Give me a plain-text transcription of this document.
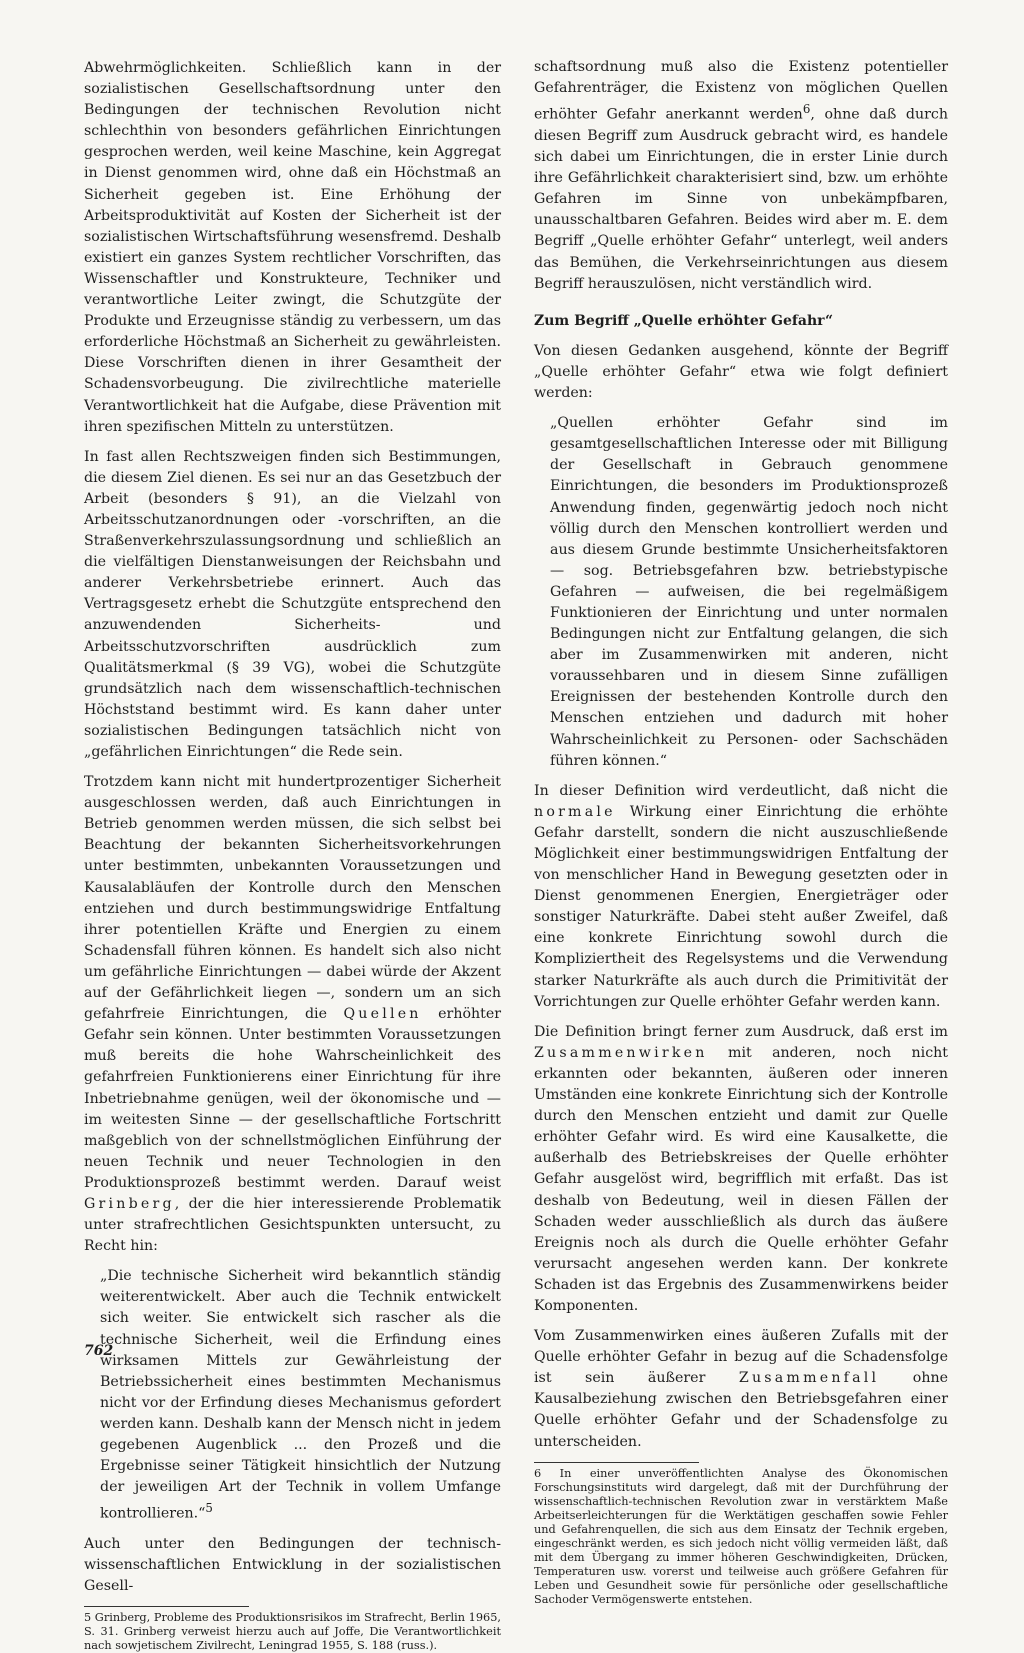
Abwehrmöglichkeiten. Schließlich kann in der sozialistischen Gesellschaftsordnung unter den Bedingungen der technischen Revolution nicht schlechthin von besonders gefährlichen Einrichtungen gesprochen werden, weil keine Maschine, kein Aggregat in Dienst genommen wird, ohne daß ein Höchstmaß an Sicherheit gegeben ist. Eine Erhöhung der Arbeitsproduktivität auf Kosten der Sicherheit ist der sozialistischen Wirtschaftsführung wesensfremd. Deshalb existiert ein ganzes System rechtlicher Vorschriften, das Wissenschaftler und Konstrukteure, Techniker und verantwortliche Leiter zwingt, die Schutzgüte der Produkte und Erzeugnisse ständig zu verbessern, um das erforderliche Höchstmaß an Sicherheit zu gewährleisten. Diese Vorschriften dienen in ihrer Gesamtheit der Schadensvorbeugung. Die zivilrechtliche materielle Verantwortlichkeit hat die Aufgabe, diese Prävention mit ihren spezifischen Mitteln zu unterstützen.

In fast allen Rechtszweigen finden sich Bestimmungen, die diesem Ziel dienen. Es sei nur an das Gesetzbuch der Arbeit (besonders § 91), an die Vielzahl von Arbeitsschutzanordnungen oder -vorschriften, an die Straßenverkehrszulassungsordnung und schließlich an die vielfältigen Dienstanweisungen der Reichsbahn und anderer Verkehrsbetriebe erinnert. Auch das Vertragsgesetz erhebt die Schutzgüte entsprechend den anzuwendenden Sicherheits- und Arbeitsschutzvorschriften ausdrücklich zum Qualitätsmerkmal (§ 39 VG), wobei die Schutzgüte grundsätzlich nach dem wissenschaftlich-technischen Höchststand bestimmt wird. Es kann daher unter sozialistischen Bedingungen tatsächlich nicht von „gefährlichen Einrichtungen“ die Rede sein.

Trotzdem kann nicht mit hundertprozentiger Sicherheit ausgeschlossen werden, daß auch Einrichtungen in Betrieb genommen werden müssen, die sich selbst bei Beachtung der bekannten Sicherheitsvorkehrungen unter bestimmten, unbekannten Voraussetzungen und Kausalabläufen der Kontrolle durch den Menschen entziehen und durch bestimmungswidrige Entfaltung ihrer potentiellen Kräfte und Energien zu einem Schadensfall führen können. Es handelt sich also nicht um gefährliche Einrichtungen — dabei würde der Akzent auf der Gefährlichkeit liegen —, sondern um an sich gefahrfreie Einrichtungen, die Quellen erhöhter Gefahr sein können. Unter bestimmten Voraussetzungen muß bereits die hohe Wahrscheinlichkeit des gefahrfreien Funktionierens einer Einrichtung für ihre Inbetriebnahme genügen, weil der ökonomische und — im weitesten Sinne — der gesellschaftliche Fortschritt maßgeblich von der schnellstmöglichen Einführung der neuen Technik und neuer Technologien in den Produktionsprozeß bestimmt werden. Darauf weist Grinberg, der die hier interessierende Problematik unter strafrechtlichen Gesichtspunkten untersucht, zu Recht hin:

„Die technische Sicherheit wird bekanntlich ständig weiterentwickelt. Aber auch die Technik entwickelt sich weiter. Sie entwickelt sich rascher als die technische Sicherheit, weil die Erfindung eines wirksamen Mittels zur Gewährleistung der Betriebssicherheit eines bestimmten Mechanismus nicht vor der Erfindung dieses Mechanismus gefordert werden kann. Deshalb kann der Mensch nicht in jedem gegebenen Augenblick ... den Prozeß und die Ergebnisse seiner Tätigkeit hinsichtlich der Nutzung der jeweiligen Art der Technik in vollem Umfange kontrollieren.“$^5$

Auch unter den Bedingungen der technisch-wissenschaftlichen Entwicklung in der sozialistischen Gesell-

5 Grinberg, Probleme des Produktionsrisikos im Strafrecht, Berlin 1965, S. 31. Grinberg verweist hierzu auch auf Joffe, Die Verantwortlichkeit nach sowjetischem Zivilrecht, Leningrad 1955, S. 188 (russ.).

schaftsordnung muß also die Existenz potentieller Gefahrenträger, die Existenz von möglichen Quellen erhöhter Gefahr anerkannt werden$^6$, ohne daß durch diesen Begriff zum Ausdruck gebracht wird, es handele sich dabei um Einrichtungen, die in erster Linie durch ihre Gefährlichkeit charakterisiert sind, bzw. um erhöhte Gefahren im Sinne von unbekämpfbaren, unausschaltbaren Gefahren. Beides wird aber m. E. dem Begriff „Quelle erhöhter Gefahr“ unterlegt, weil anders das Bemühen, die Verkehrseinrichtungen aus diesem Begriff herauszulösen, nicht verständlich wird.

Zum Begriff „Quelle erhöhter Gefahr“

Von diesen Gedanken ausgehend, könnte der Begriff „Quelle erhöhter Gefahr“ etwa wie folgt definiert werden:

„Quellen erhöhter Gefahr sind im gesamtgesellschaftlichen Interesse oder mit Billigung der Gesellschaft in Gebrauch genommene Einrichtungen, die besonders im Produktionsprozeß Anwendung finden, gegenwärtig jedoch noch nicht völlig durch den Menschen kontrolliert werden und aus diesem Grunde bestimmte Unsicherheitsfaktoren — sog. Betriebsgefahren bzw. betriebstypische Gefahren — aufweisen, die bei regelmäßigem Funktionieren der Einrichtung und unter normalen Bedingungen nicht zur Entfaltung gelangen, die sich aber im Zusammenwirken mit anderen, nicht voraussehbaren und in diesem Sinne zufälligen Ereignissen der bestehenden Kontrolle durch den Menschen entziehen und dadurch mit hoher Wahrscheinlichkeit zu Personen- oder Sachschäden führen können.“

In dieser Definition wird verdeutlicht, daß nicht die normale Wirkung einer Einrichtung die erhöhte Gefahr darstellt, sondern die nicht auszuschließende Möglichkeit einer bestimmungswidrigen Entfaltung der von menschlicher Hand in Bewegung gesetzten oder in Dienst genommenen Energien, Energieträger oder sonstiger Naturkräfte. Dabei steht außer Zweifel, daß eine konkrete Einrichtung sowohl durch die Kompliziertheit des Regelsystems und die Verwendung starker Naturkräfte als auch durch die Primitivität der Vorrichtungen zur Quelle erhöhter Gefahr werden kann.

Die Definition bringt ferner zum Ausdruck, daß erst im Zusammenwirken mit anderen, noch nicht erkannten oder bekannten, äußeren oder inneren Umständen eine konkrete Einrichtung sich der Kontrolle durch den Menschen entzieht und damit zur Quelle erhöhter Gefahr wird. Es wird eine Kausalkette, die außerhalb des Betriebskreises der Quelle erhöhter Gefahr ausgelöst wird, begrifflich mit erfaßt. Das ist deshalb von Bedeutung, weil in diesen Fällen der Schaden weder ausschließlich als durch das äußere Ereignis noch als durch die Quelle erhöhter Gefahr verursacht angesehen werden kann. Der konkrete Schaden ist das Ergebnis des Zusammenwirkens beider Komponenten.

Vom Zusammenwirken eines äußeren Zufalls mit der Quelle erhöhter Gefahr in bezug auf die Schadensfolge ist sein äußerer Zusammenfall ohne Kausalbeziehung zwischen den Betriebsgefahren einer Quelle erhöhter Gefahr und der Schadensfolge zu unterscheiden.

6 In einer unveröffentlichten Analyse des Ökonomischen Forschungsinstituts wird dargelegt, daß mit der Durchführung der wissenschaftlich-technischen Revolution zwar in verstärktem Maße Arbeitserleichterungen für die Werktätigen geschaffen sowie Fehler und Gefahrenquellen, die sich aus dem Einsatz der Technik ergeben, eingeschränkt werden, es sich jedoch nicht völlig vermeiden läßt, daß mit dem Übergang zu immer höheren Geschwindigkeiten, Drücken, Temperaturen usw. vorerst und teilweise auch größere Gefahren für Leben und Gesundheit sowie für persönliche oder gesellschaftliche Sachoder Vermögenswerte entstehen.

762
